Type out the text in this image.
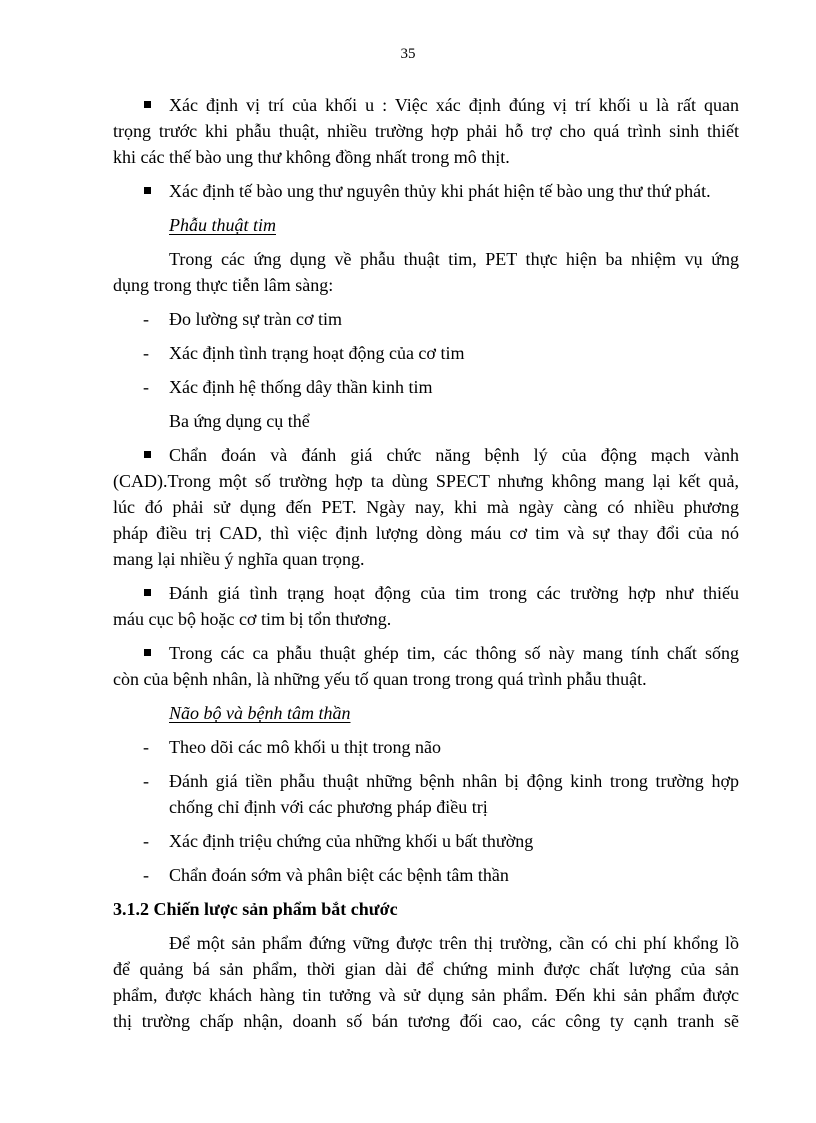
35

Xác định vị trí của khối u : Việc xác định đúng vị trí khối u là rất quan

trọng trước khi phẫu thuật, nhiều trường hợp phải hỗ trợ cho quá trình sinh thiết

khi các thế bào ung thư không đồng nhất trong mô thịt.

Xác định tế bào ung thư nguyên thủy khi phát hiện tế bào ung thư thứ phát.

Phẫu thuật tim

Trong các ứng dụng về phẫu thuật tim, PET thực hiện ba nhiệm vụ ứng

dụng trong thực tiễn lâm sàng:

- Đo lường sự tràn cơ tim
- Xác định tình trạng hoạt động của cơ tim
- Xác định hệ thống dây thần kinh tim

Ba ứng dụng cụ thể

Chẩn đoán và đánh giá chức năng bệnh lý của động mạch vành

(CAD).Trong một số trường hợp ta dùng SPECT nhưng không mang lại kết quả,

lúc đó phải sử dụng đến PET. Ngày nay, khi mà ngày càng có nhiều phương

pháp điều trị CAD, thì việc định lượng dòng máu cơ tim và sự thay đổi của nó

mang lại nhiều ý nghĩa quan trọng.

Đánh giá tình trạng hoạt động của tim trong các trường hợp như thiếu

máu cục bộ hoặc cơ tim bị tổn thương.

Trong các ca phẫu thuật ghép tim, các thông số này mang tính chất sống

còn của bệnh nhân, là những yếu tố quan trong trong quá trình phẫu thuật.

Não bộ và bệnh tâm thần

- Theo dõi các mô khối u thịt trong não
- Đánh giá tiền phẫu thuật những bệnh nhân bị động kinh trong trường hợp

chống chỉ định với các phương pháp điều trị

- Xác định triệu chứng của những khối u bất thường
- Chẩn đoán sớm và phân biệt các bệnh tâm thần

3.1.2 Chiến lược sản phẩm bắt chước

Để một sản phẩm đứng vững được trên thị trường, cần có chi phí khổng lồ

để quảng bá sản phẩm, thời gian dài để chứng minh được chất lượng của sản

phẩm, được khách hàng tin tưởng và sử dụng sản phẩm. Đến khi sản phẩm được

thị trường chấp nhận, doanh số bán tương đối cao, các công ty cạnh tranh sẽ
